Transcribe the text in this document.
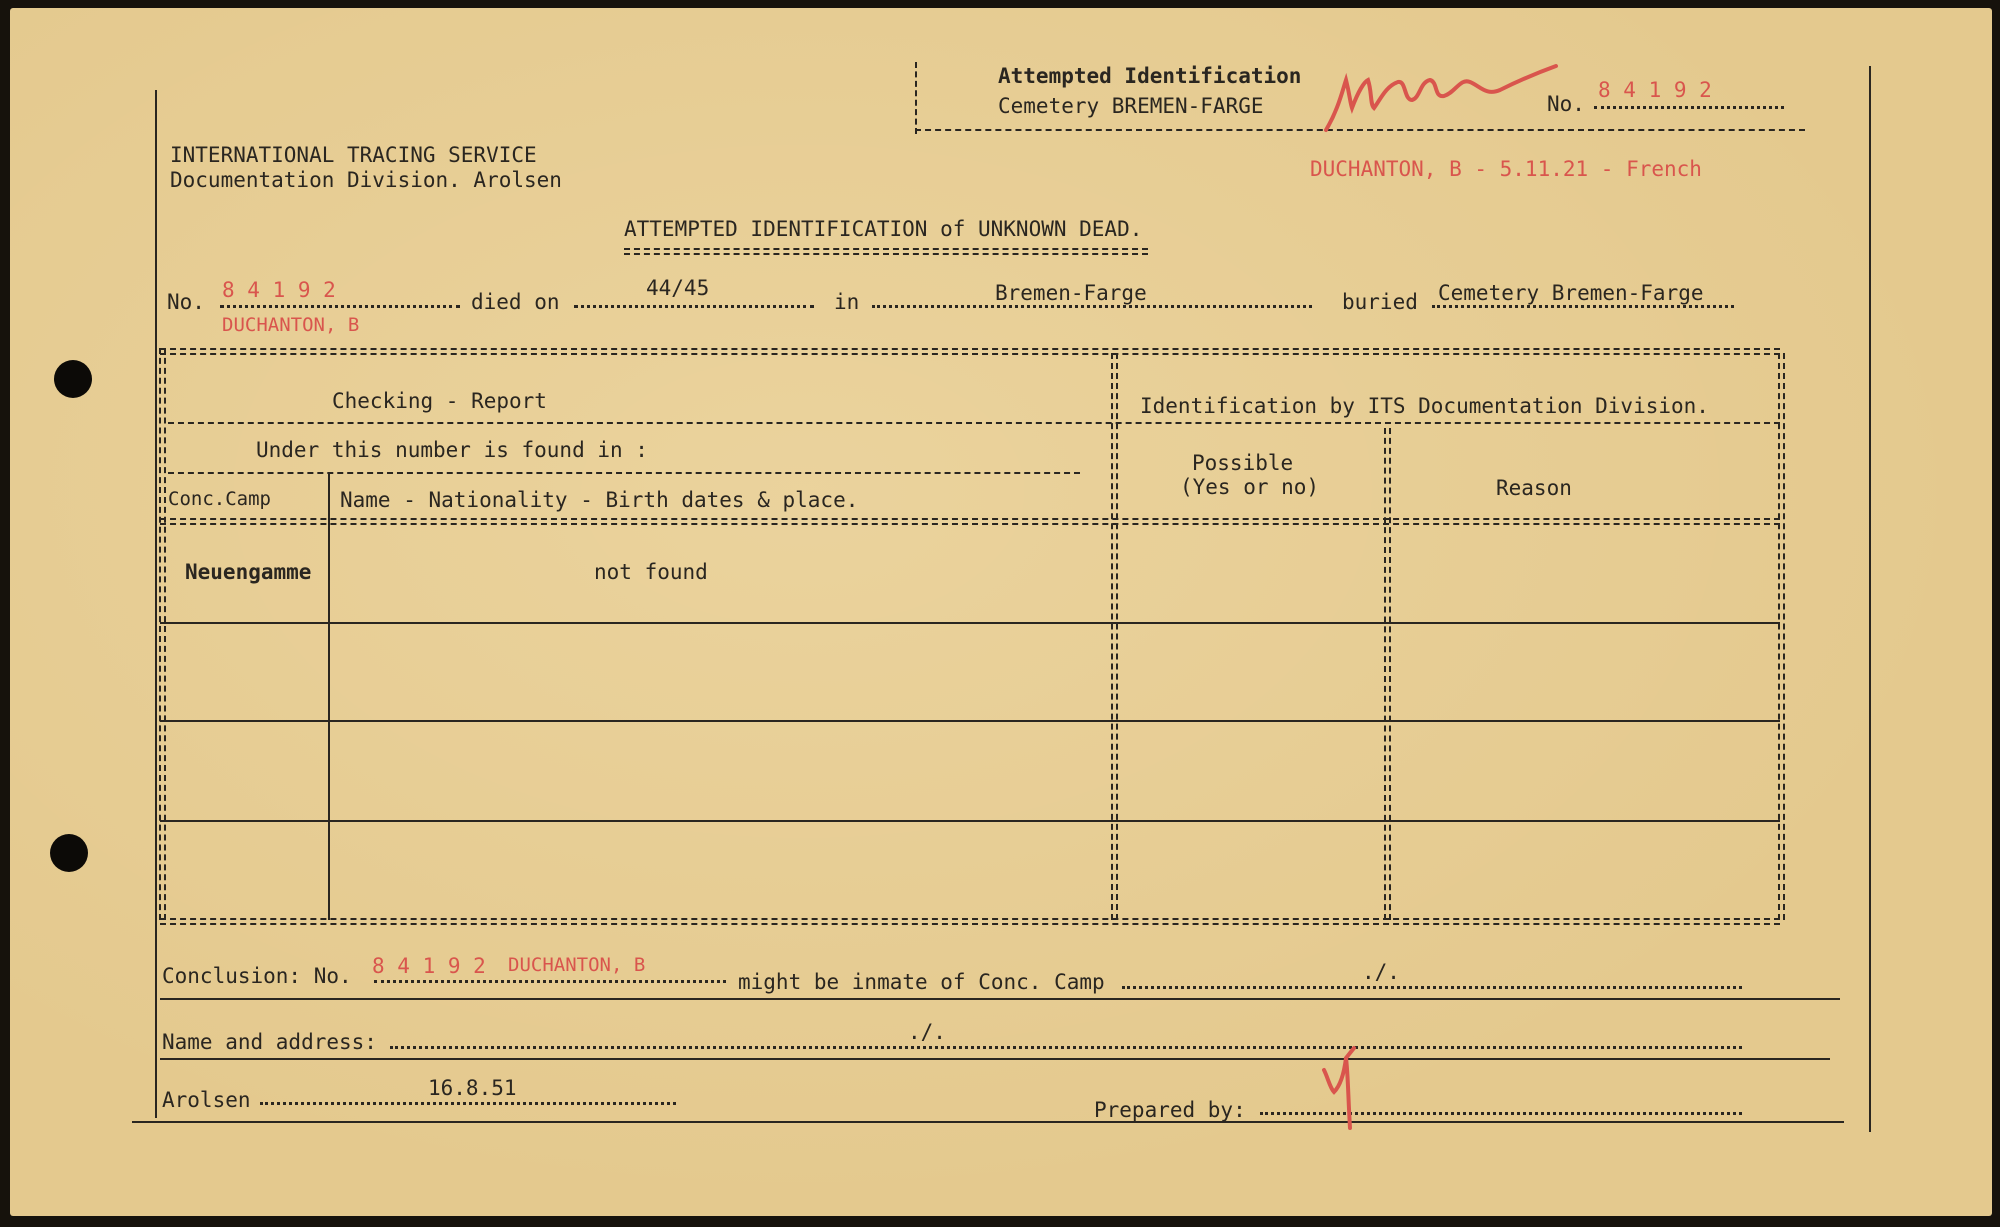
Attempted Identification
Cemetery BREMEN-FARGE	No.
8 4 1 9 2
INTERNATIONAL TRACING SERVICE
Documentation Division. Arolsen	DUCHANTON, B - 5.11.21 - French
ATTEMPTED IDENTIFICATION of UNKNOWN DEAD.
No. 8 4 1 9 2
DUCHANTON, B
died on
44/45
in	Bremen-Farge	buried Cemetery Bremen-Farge
Checking - Report	Identification by ITS Documentation Division.
Under this number is found in :
Conc.Camp	Name - Nationality - Birth dates & place.
Possible
(Yes or no)	Reason
Neuengamme	not found
Conclusion: No. 8 4 1 9 2 DUCHANTON, B
might be inmate of Conc. Camp	./.
Name and address:	./.
Arolsen	16.8.51
Prepared by:
